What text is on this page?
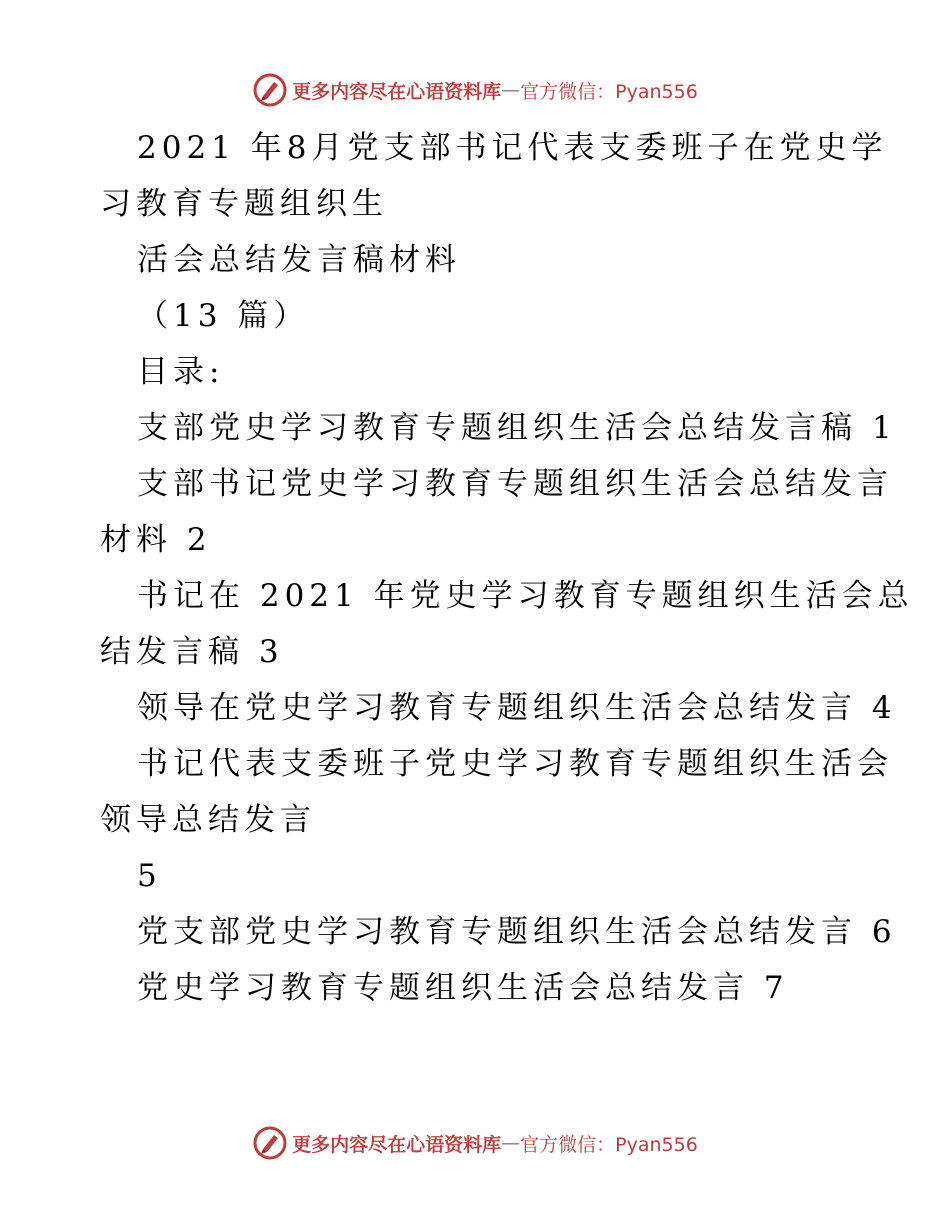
更多内容尽在心语资料库 — 官方微信：Pyan556
2021 年8月党支部书记代表支委班子在党史学
习教育专题组织生
活会总结发言稿材料
（13 篇）
目录:
支部党史学习教育专题组织生活会总结发言稿 1
支部书记党史学习教育专题组织生活会总结发言
材料 2
书记在 2021 年党史学习教育专题组织生活会总
结发言稿 3
领导在党史学习教育专题组织生活会总结发言 4
书记代表支委班子党史学习教育专题组织生活会
领导总结发言
5
党支部党史学习教育专题组织生活会总结发言 6
党史学习教育专题组织生活会总结发言 7
更多内容尽在心语资料库 — 官方微信：Pyan556
